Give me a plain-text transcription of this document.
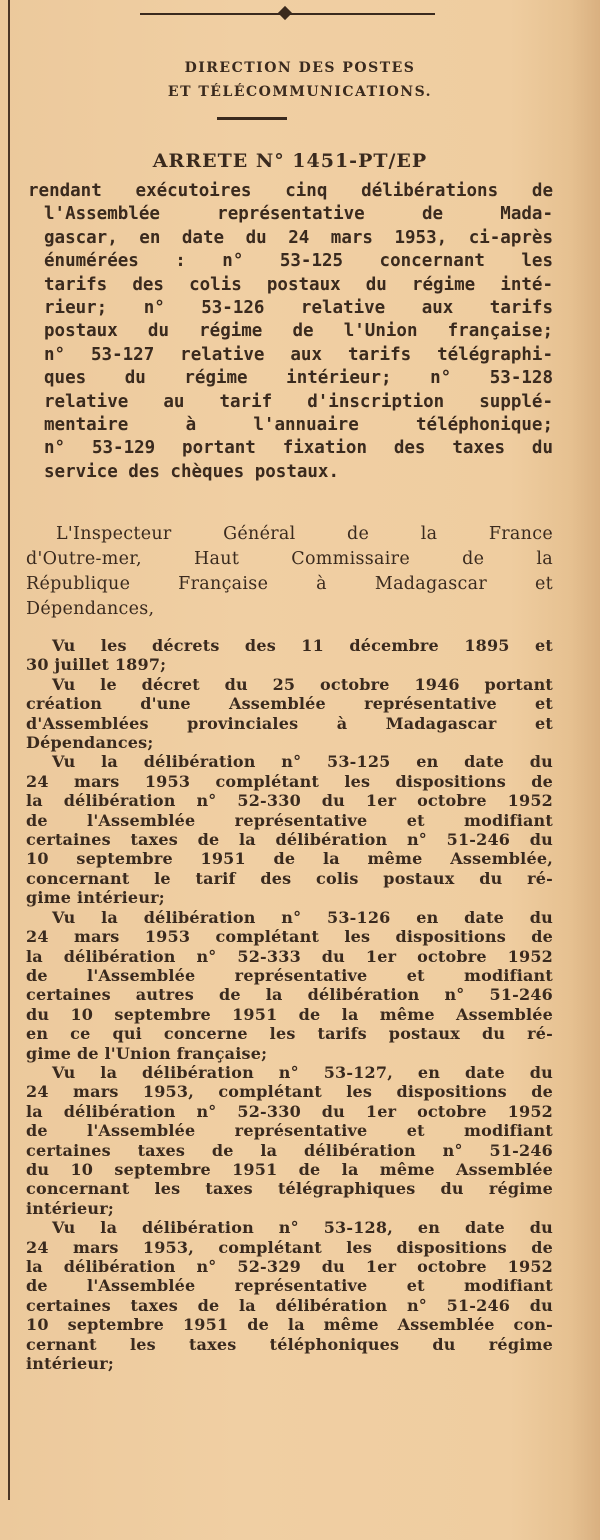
DIRECTION DES POSTES
ET TÉLÉCOMMUNICATIONS.
ARRETE N° 1451-PT/EP
rendant exécutoires cinq délibérations de
l'Assemblée représentative de Mada-
gascar, en date du 24 mars 1953, ci-après
énumérées : n° 53-125 concernant les
tarifs des colis postaux du régime inté-
rieur; n° 53-126 relative aux tarifs
postaux du régime de l'Union française;
n° 53-127 relative aux tarifs télégraphi-
ques du régime intérieur; n° 53-128
relative au tarif d'inscription supplé-
mentaire à l'annuaire téléphonique;
n° 53-129 portant fixation des taxes du
service des chèques postaux.
L'Inspecteur Général de la France
d'Outre-mer, Haut Commissaire de la
République Française à Madagascar et
Dépendances,
Vu les décrets des 11 décembre 1895 et
30 juillet 1897;
Vu le décret du 25 octobre 1946 portant
création d'une Assemblée représentative et
d'Assemblées provinciales à Madagascar et
Dépendances;
Vu la délibération n° 53-125 en date du
24 mars 1953 complétant les dispositions de
la délibération n° 52-330 du 1er octobre 1952
de l'Assemblée représentative et modifiant
certaines taxes de la délibération n° 51-246 du
10 septembre 1951 de la même Assemblée,
concernant le tarif des colis postaux du ré-
gime intérieur;
Vu la délibération n° 53-126 en date du
24 mars 1953 complétant les dispositions de
la délibération n° 52-333 du 1er octobre 1952
de l'Assemblée représentative et modifiant
certaines autres de la délibération n° 51-246
du 10 septembre 1951 de la même Assemblée
en ce qui concerne les tarifs postaux du ré-
gime de l'Union française;
Vu la délibération n° 53-127, en date du
24 mars 1953, complétant les dispositions de
la délibération n° 52-330 du 1er octobre 1952
de l'Assemblée représentative et modifiant
certaines taxes de la délibération n° 51-246
du 10 septembre 1951 de la même Assemblée
concernant les taxes télégraphiques du régime
intérieur;
Vu la délibération n° 53-128, en date du
24 mars 1953, complétant les dispositions de
la délibération n° 52-329 du 1er octobre 1952
de l'Assemblée représentative et modifiant
certaines taxes de la délibération n° 51-246 du
10 septembre 1951 de la même Assemblée con-
cernant les taxes téléphoniques du régime
intérieur;
